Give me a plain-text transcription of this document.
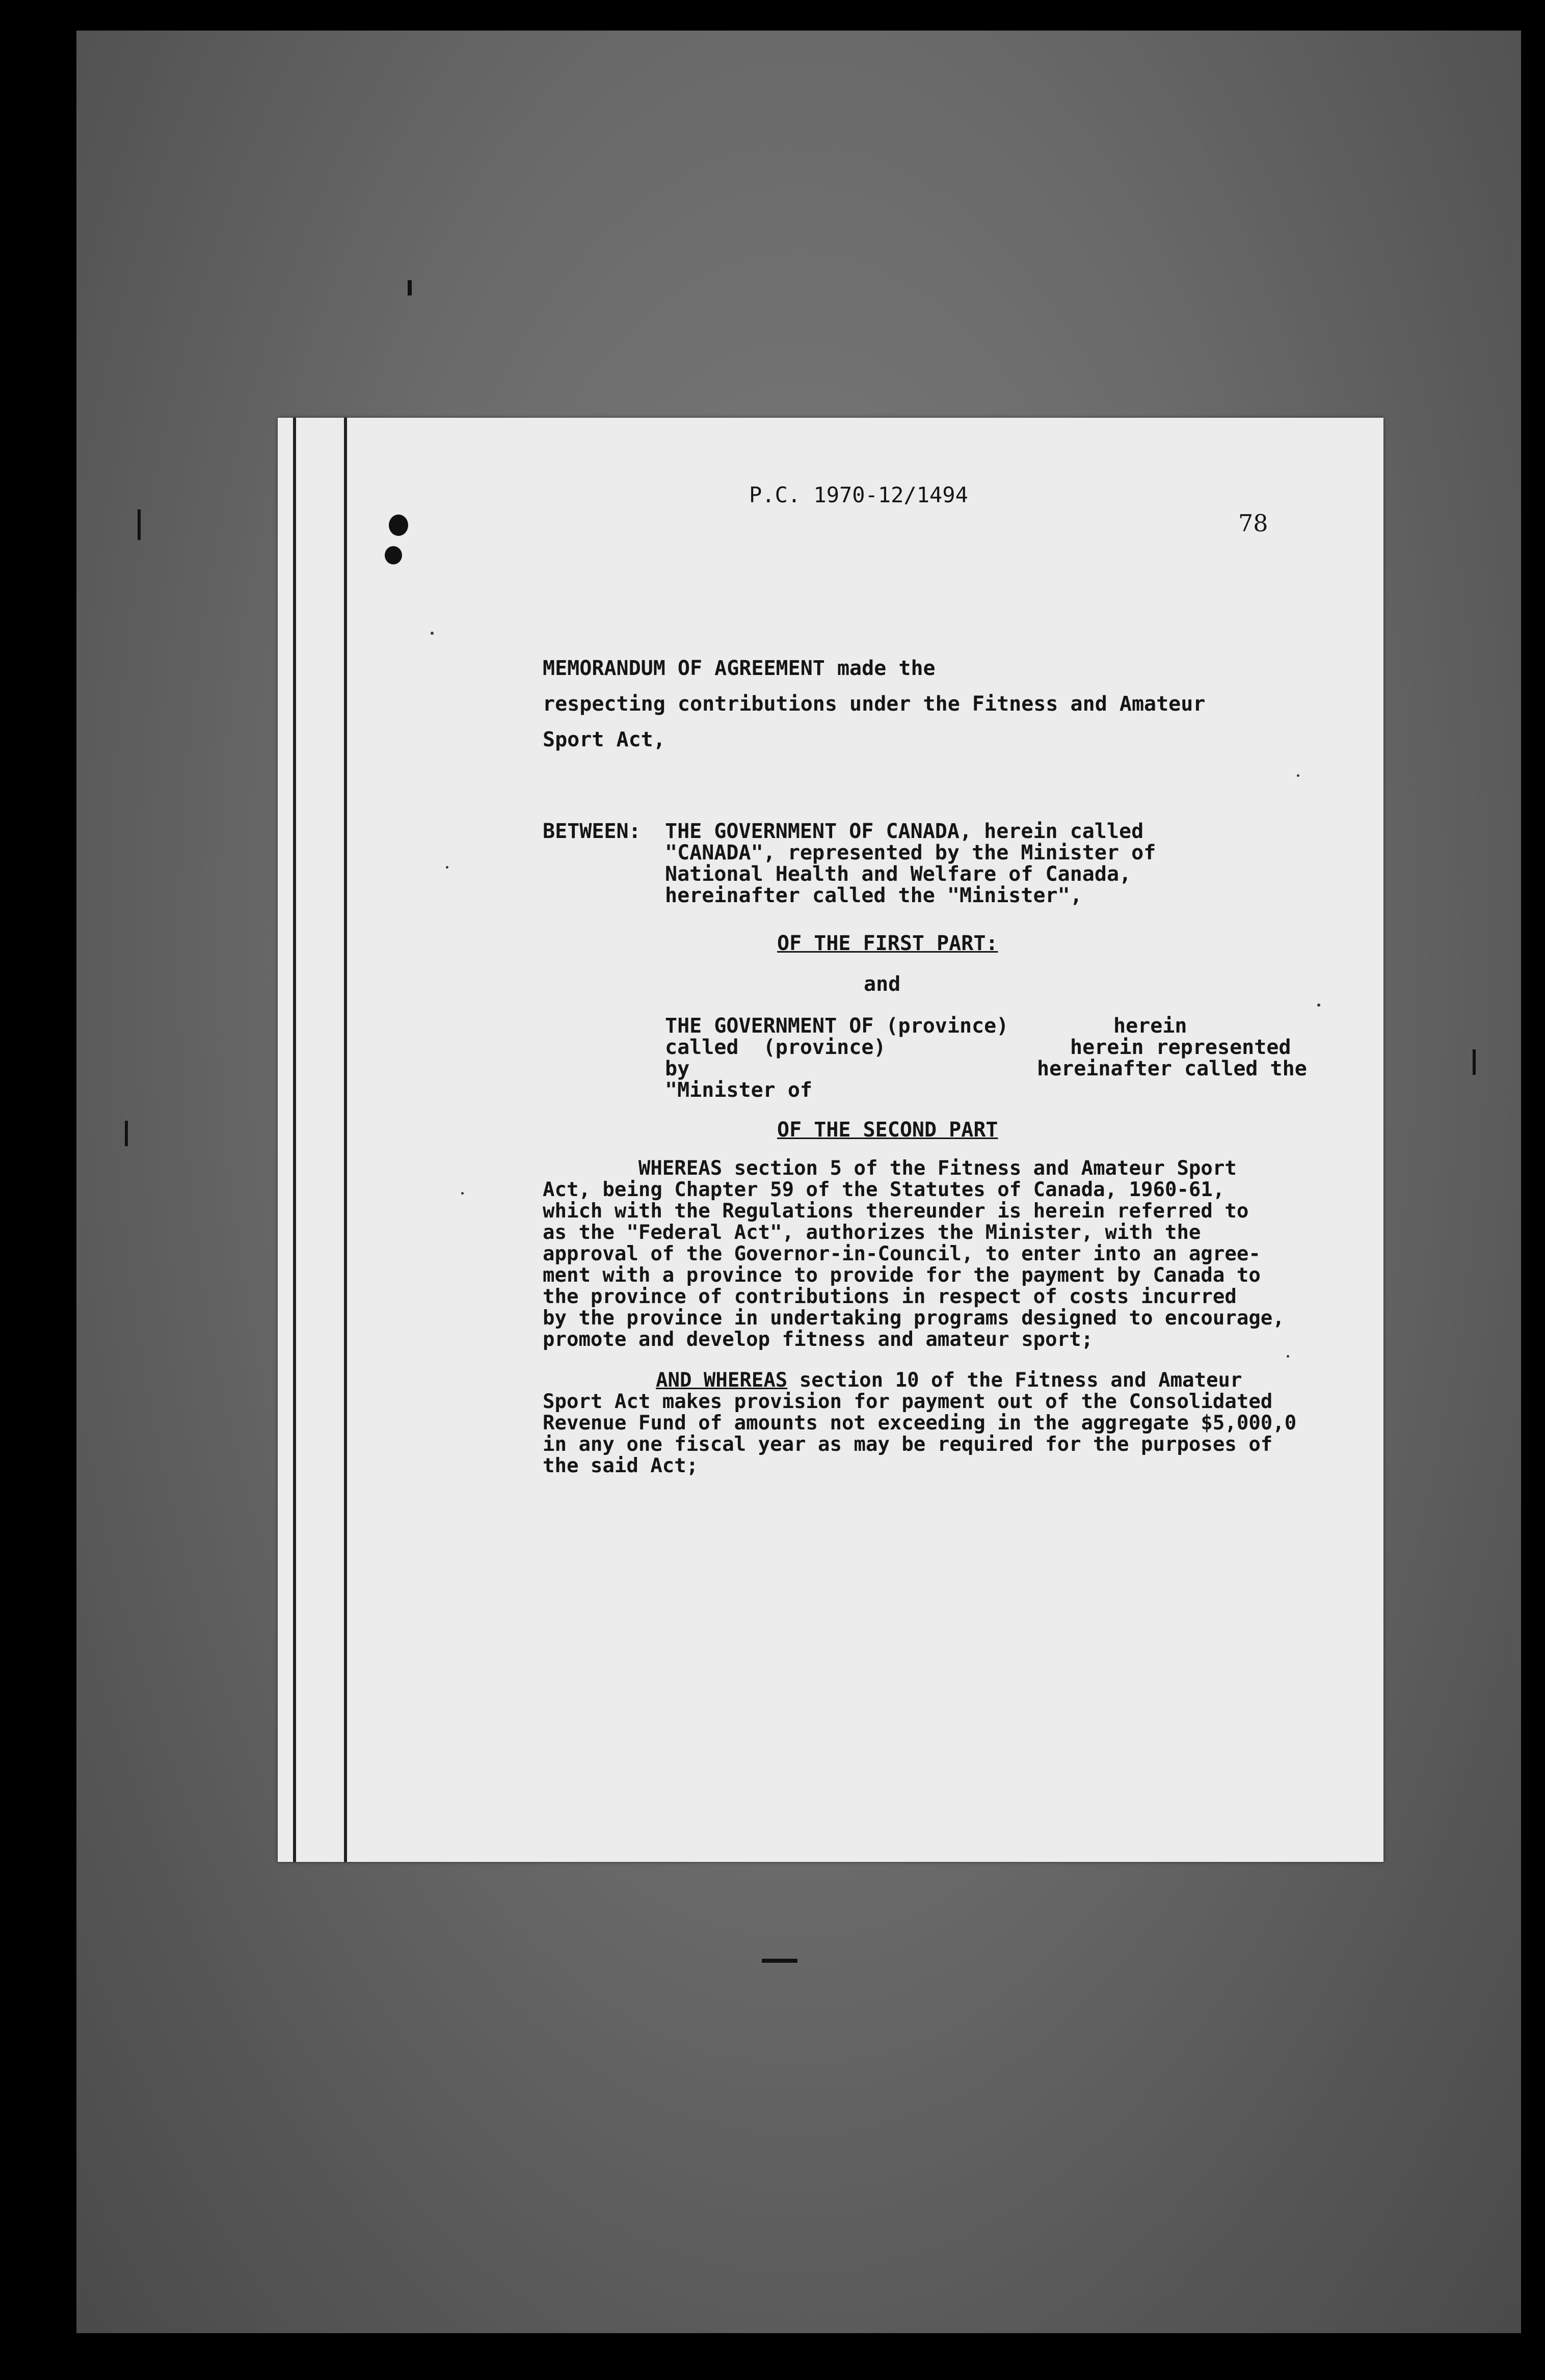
P.C. 1970-12/1494
78
MEMORANDUM OF AGREEMENT made the
respecting contributions under the Fitness and Amateur
Sport Act,
BETWEEN: THE GOVERNMENT OF CANADA, herein called
"CANADA", represented by the Minister of
National Health and Welfare of Canada,
hereinafter called the "Minister",
OF THE FIRST PART:
and
THE GOVERNMENT OF (province)	herein
called  (province)	herein represented
by	hereinafter called the
"Minister of
OF THE SECOND PART
WHEREAS section 5 of the Fitness and Amateur Sport
Act, being Chapter 59 of the Statutes of Canada, 1960-61,
which with the Regulations thereunder is herein referred to
as the "Federal Act", authorizes the Minister, with the
approval of the Governor-in-Council, to enter into an agree-
ment with a province to provide for the payment by Canada to
the province of contributions in respect of costs incurred
by the province in undertaking programs designed to encourage,
promote and develop fitness and amateur sport;
AND WHEREAS section 10 of the Fitness and Amateur
Sport Act makes provision for payment out of the Consolidated
Revenue Fund of amounts not exceeding in the aggregate $5,000,0
in any one fiscal year as may be required for the purposes of
the said Act;
